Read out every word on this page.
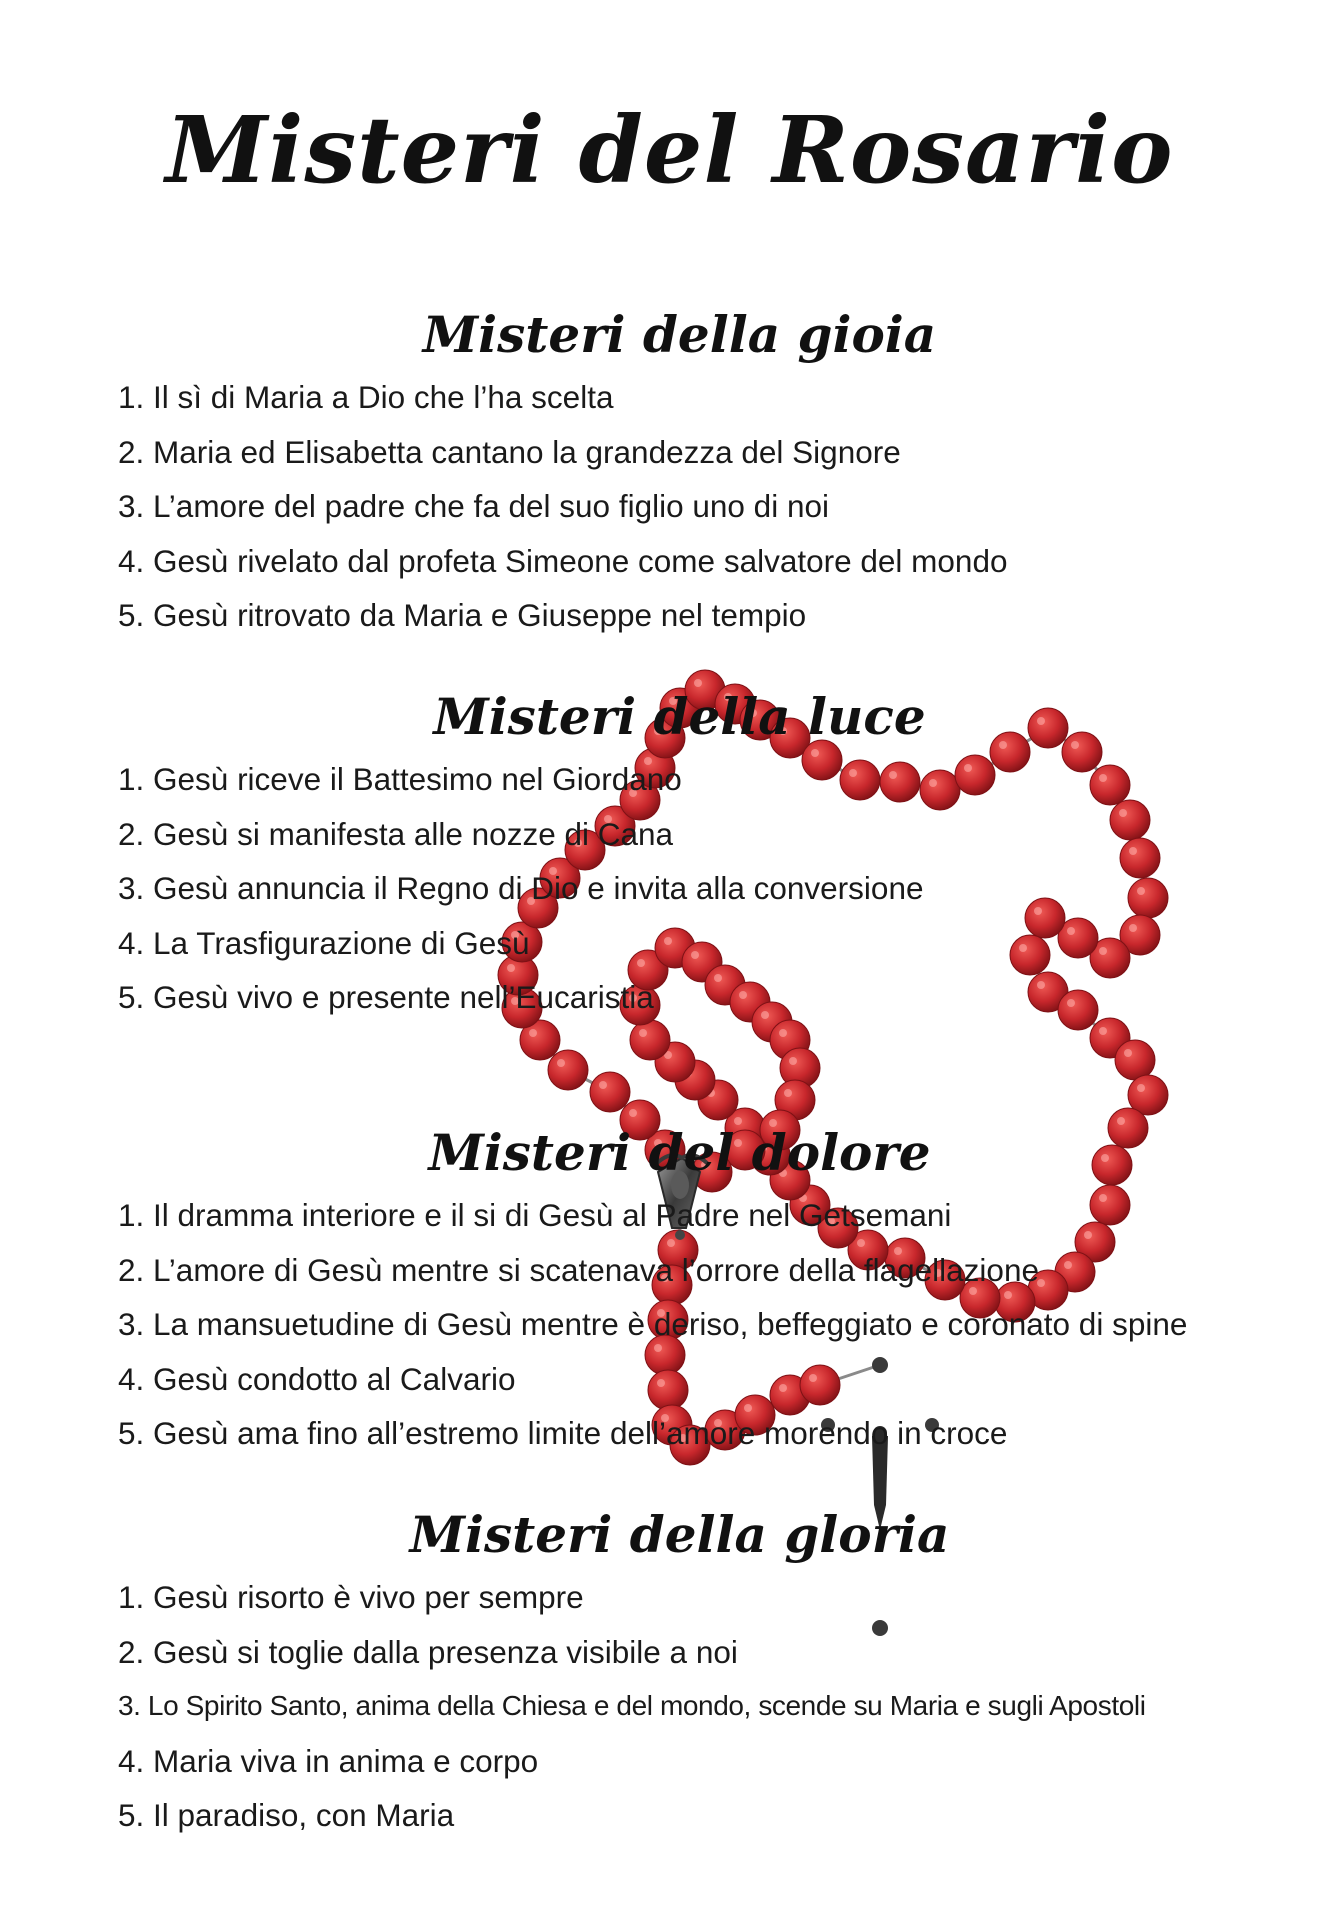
Misteri del Rosario
Misteri della gioia
1. Il sì di Maria a Dio che l’ha scelta
2. Maria ed Elisabetta cantano la grandezza del Signore
3. L’amore del padre che fa del suo figlio uno di noi
4. Gesù rivelato dal profeta Simeone come salvatore del mondo
5. Gesù ritrovato da Maria e Giuseppe nel tempio
Misteri della luce
1. Gesù riceve il Battesimo nel Giordano
2. Gesù si manifesta alle nozze di Cana
3. Gesù annuncia il Regno di Dio e invita alla conversione
4. La Trasfigurazione di Gesù
5. Gesù vivo e presente nell’Eucaristia
Misteri del dolore
1. Il dramma interiore e il si di Gesù al Padre nel Getsemani
2. L’amore di Gesù mentre si scatenava l’orrore della flagellazione
3. La mansuetudine di Gesù mentre è deriso, beffeggiato e coronato di spine
4. Gesù condotto al Calvario
5. Gesù ama fino all’estremo limite dell’amore morendo in croce
Misteri della gloria
1. Gesù risorto è vivo per sempre
2. Gesù si toglie dalla presenza visibile a noi
3. Lo Spirito Santo, anima della Chiesa e del mondo, scende su Maria e sugli Apostoli
4. Maria viva in anima e corpo
5. Il paradiso, con Maria
